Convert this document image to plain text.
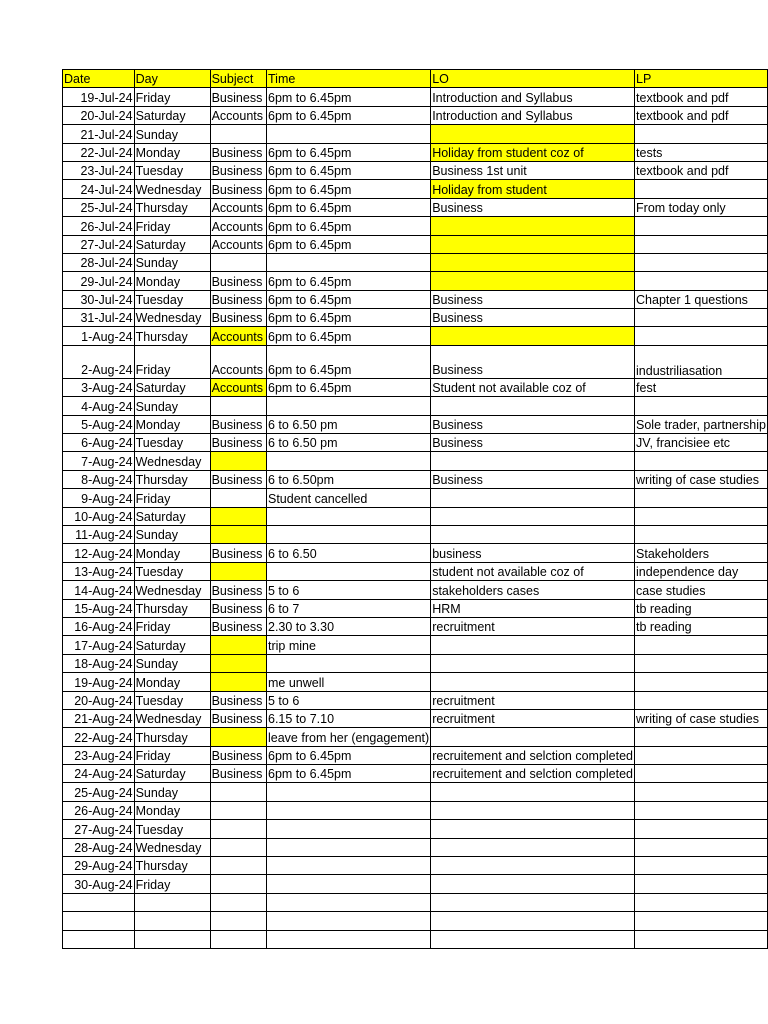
Date	Day	Subject	Time	LO	LP
19-Jul-24	Friday	Business	6pm to 6.45pm	Introduction and Syllabus	textbook and pdf
20-Jul-24	Saturday	Accounts	6pm to 6.45pm	Introduction and Syllabus	textbook and pdf
21-Jul-24	Sunday				
22-Jul-24	Monday	Business	6pm to 6.45pm	Holiday from student coz of	tests
23-Jul-24	Tuesday	Business	6pm to 6.45pm	Business 1st unit	textbook and pdf
24-Jul-24	Wednesday	Business	6pm to 6.45pm	Holiday from student	
25-Jul-24	Thursday	Accounts	6pm to 6.45pm	Business	From today only
26-Jul-24	Friday	Accounts	6pm to 6.45pm		
27-Jul-24	Saturday	Accounts	6pm to 6.45pm		
28-Jul-24	Sunday				
29-Jul-24	Monday	Business	6pm to 6.45pm		
30-Jul-24	Tuesday	Business	6pm to 6.45pm	Business	Chapter 1 questions
31-Jul-24	Wednesday	Business	6pm to 6.45pm	Business	
1-Aug-24	Thursday	Accounts	6pm to 6.45pm		
2-Aug-24	Friday	Accounts	6pm to 6.45pm	Business	industriliasation
3-Aug-24	Saturday	Accounts	6pm to 6.45pm	Student not available coz of	fest
4-Aug-24	Sunday				
5-Aug-24	Monday	Business	6 to 6.50 pm	Business	Sole trader, partnership
6-Aug-24	Tuesday	Business	6 to 6.50 pm	Business	JV, francisiee etc
7-Aug-24	Wednesday				
8-Aug-24	Thursday	Business	6 to 6.50pm	Business	writing of case studies
9-Aug-24	Friday		Student cancelled		
10-Aug-24	Saturday				
11-Aug-24	Sunday				
12-Aug-24	Monday	Business	6 to 6.50	business	Stakeholders
13-Aug-24	Tuesday			student not available coz of	independence day
14-Aug-24	Wednesday	Business	5 to 6	stakeholders cases	case studies
15-Aug-24	Thursday	Business	6 to 7	HRM	tb reading
16-Aug-24	Friday	Business	2.30 to 3.30	recruitment	tb reading
17-Aug-24	Saturday		trip mine		
18-Aug-24	Sunday				
19-Aug-24	Monday		me unwell		
20-Aug-24	Tuesday	Business	5 to 6	recruitment	
21-Aug-24	Wednesday	Business	6.15 to 7.10	recruitment	writing of case studies
22-Aug-24	Thursday		leave from her (engagement)		
23-Aug-24	Friday	Business	6pm to 6.45pm	recruitement and selction completed	
24-Aug-24	Saturday	Business	6pm to 6.45pm	recruitement and selction completed	
25-Aug-24	Sunday				
26-Aug-24	Monday				
27-Aug-24	Tuesday				
28-Aug-24	Wednesday				
29-Aug-24	Thursday				
30-Aug-24	Friday				
